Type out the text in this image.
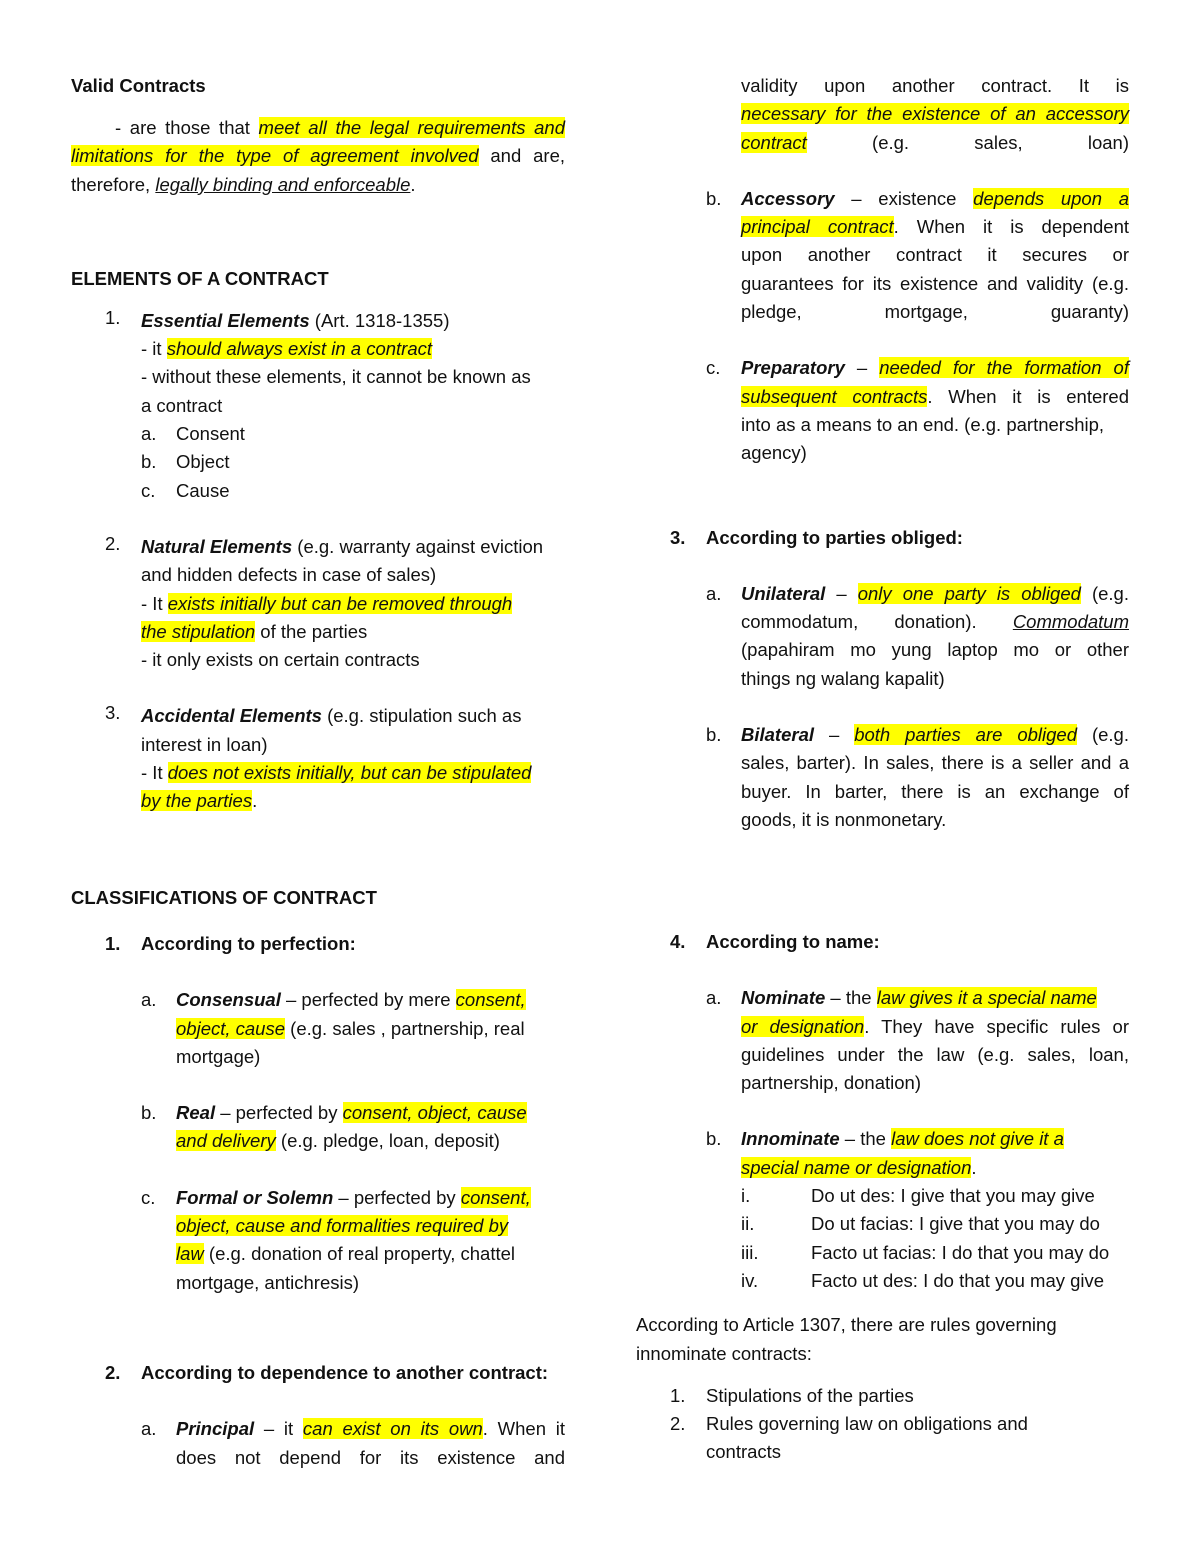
Valid Contracts
- are those that meet all the legal requirements and
limitations for the type of agreement involved and are,
therefore, legally binding and enforceable.
ELEMENTS OF A CONTRACT
1. Essential Elements (Art. 1318-1355)
- it should always exist in a contract
- without these elements, it cannot be known as
a contract
a. Consent
b. Object
c. Cause
2. Natural Elements (e.g. warranty against eviction
and hidden defects in case of sales)
- It exists initially but can be removed through
the stipulation of the parties
- it only exists on certain contracts
3. Accidental Elements (e.g. stipulation such as
interest in loan)
- It does not exists initially, but can be stipulated
by the parties.
CLASSIFICATIONS OF CONTRACT
1. According to perfection:
a. Consensual – perfected by mere consent,
object, cause (e.g. sales , partnership, real
mortgage)
b. Real – perfected by consent, object, cause
and delivery (e.g. pledge, loan, deposit)
c. Formal or Solemn – perfected by consent,
object, cause and formalities required by
law (e.g. donation of real property, chattel
mortgage, antichresis)
2. According to dependence to another contract:
a. Principal – it can exist on its own. When it
does not depend for its existence and
validity upon another contract. It is
necessary for the existence of an accessory
contract (e.g. sales, loan)
b. Accessory – existence depends upon a
principal contract. When it is dependent
upon another contract it secures or
guarantees for its existence and validity (e.g.
pledge, mortgage, guaranty)
c. Preparatory – needed for the formation of
subsequent contracts. When it is entered
into as a means to an end. (e.g. partnership,
agency)
3. According to parties obliged:
a. Unilateral – only one party is obliged (e.g.
commodatum, donation). Commodatum
(papahiram mo yung laptop mo or other
things ng walang kapalit)
b. Bilateral – both parties are obliged (e.g.
sales, barter). In sales, there is a seller and a
buyer. In barter, there is an exchange of
goods, it is nonmonetary.
4. According to name:
a. Nominate – the law gives it a special name
or designation. They have specific rules or
guidelines under the law (e.g. sales, loan,
partnership, donation)
b. Innominate – the law does not give it a
special name or designation.
i.	Do ut des: I give that you may give
ii.	Do ut facias: I give that you may do
iii.	Facto ut facias: I do that you may do
iv.	Facto ut des: I do that you may give
According to Article 1307, there are rules governing
innominate contracts:
1. Stipulations of the parties
2. Rules governing law on obligations and
contracts
